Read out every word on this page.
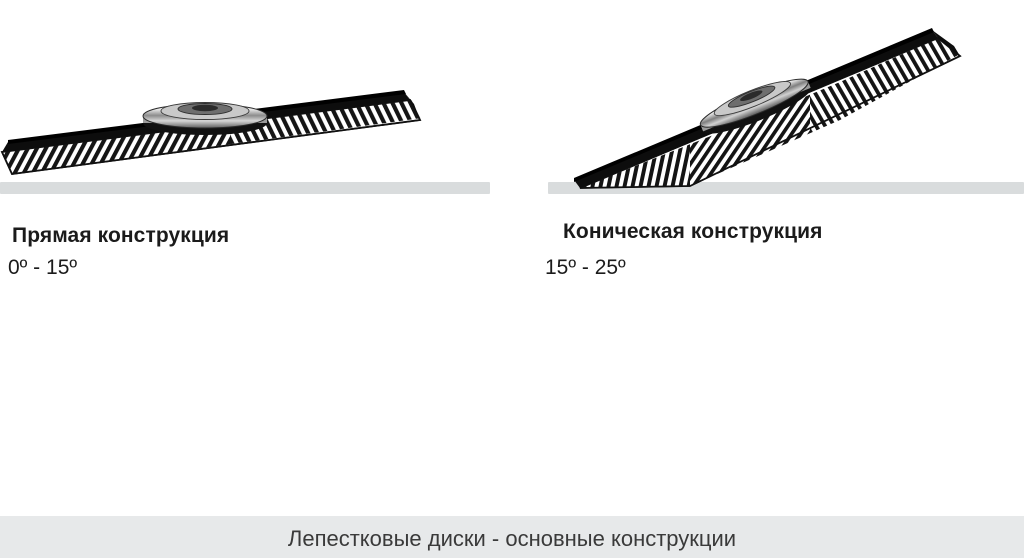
Прямая конструкция
0º - 15º
Коническая конструкция
15º - 25º
Лепестковые диски - основные конструкции
